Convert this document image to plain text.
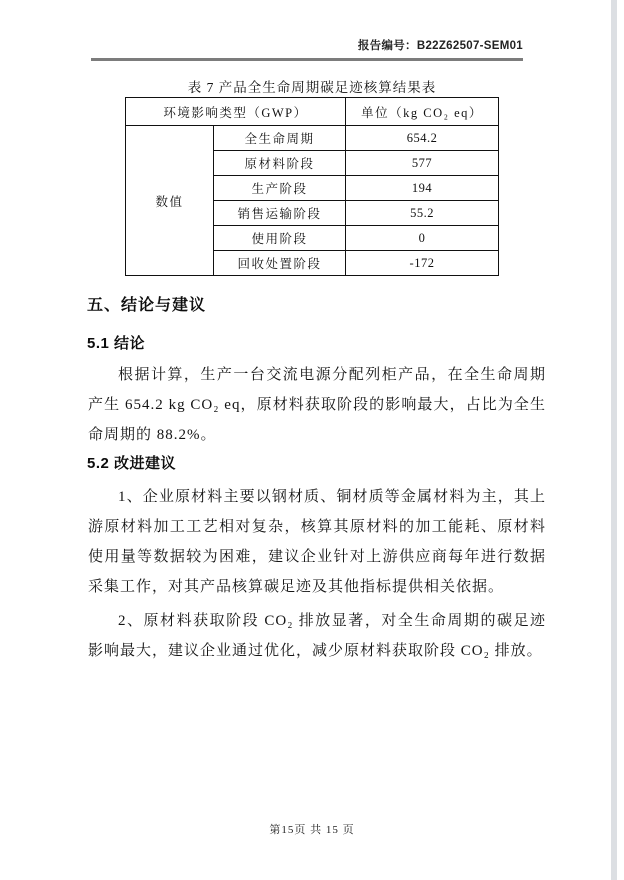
报告编号：B22Z62507-SEM01
表 7 产品全生命周期碳足迹核算结果表
环境影响类型（GWP）		单位（kg CO₂ eq）
数值	全生命周期	654.2
	原材料阶段	577
	生产阶段	194
	销售运输阶段	55.2
	使用阶段	0
	回收处置阶段	-172
五、结论与建议
5.1 结论
根据计算，生产一台交流电源分配列柜产品，在全生命周期产生 654.2 kg CO₂ eq，原材料获取阶段的影响最大，占比为全生命周期的 88.2%。
5.2 改进建议
1、企业原材料主要以钢材质、铜材质等金属材料为主，其上游原材料加工工艺相对复杂，核算其原材料的加工能耗、原材料使用量等数据较为困难，建议企业针对上游供应商每年进行数据采集工作，对其产品核算碳足迹及其他指标提供相关依据。
2、原材料获取阶段 CO₂ 排放显著，对全生命周期的碳足迹影响最大，建议企业通过优化，减少原材料获取阶段 CO₂ 排放。
第15页 共 15 页
